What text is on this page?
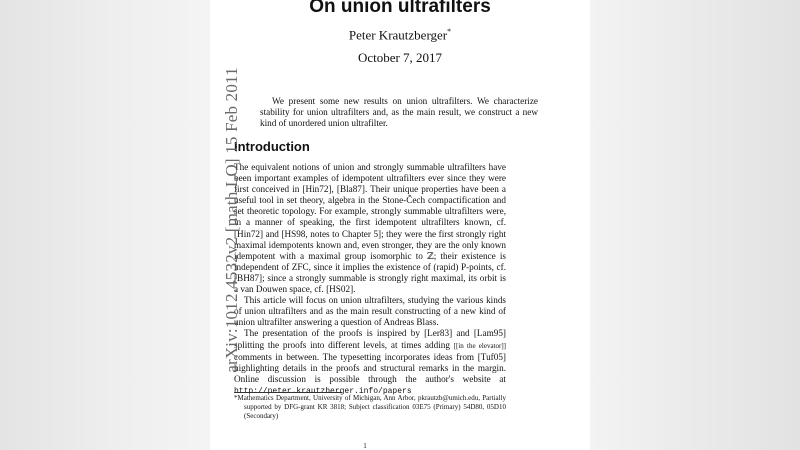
On union ultrafilters
Peter Krautzberger*
October 7, 2017
We present some new results on union ultrafilters. We characterize stability for union ultrafilters and, as the main result, we construct a new kind of unordered union ultrafilter.
Introduction

The equivalent notions of union and strongly summable ultrafilters have been important examples of idempotent ultrafilters ever since they were first conceived in [Hin72], [Bla87]. Their unique properties have been a useful tool in set theory, algebra in the Stone-Čech compactification and set theoretic topology. For example, strongly summable ultrafilters were, in a manner of speaking, the first idempotent ultrafilters known, cf. [Hin72] and [HS98, notes to Chapter 5]; they were the first strongly right maximal idempotents known and, even stronger, they are the only known idempotent with a maximal group isomorphic to ℤ; their existence is independent of ZFC, since it implies the existence of (rapid) P-points, cf. [BH87]; since a strongly summable is strongly right maximal, its orbit is a van Douwen space, cf. [HS02].

This article will focus on union ultrafilters, studying the various kinds of union ultrafilters and as the main result constructing of a new kind of union ultrafilter answering a question of Andreas Blass.

The presentation of the proofs is inspired by [Ler83] and [Lam95] splitting the proofs into different levels, at times adding [[in the elevator]] comments in between. The typesetting incorporates ideas from [Tuf05] highlighting details in the proofs and structural remarks in the margin. Online discussion is possible through the author's website at http://peter.krautzberger.info/papers

*Mathematics Department, University of Michigan, Ann Arbor, pkrautzb@umich.edu, Partially supported by DFG-grant KR 3818; Subject classification 03E75 (Primary) 54D80, 05D10 (Secondary)
1
arXiv:1012.4532v2 [math.LO] 15 Feb 2011
